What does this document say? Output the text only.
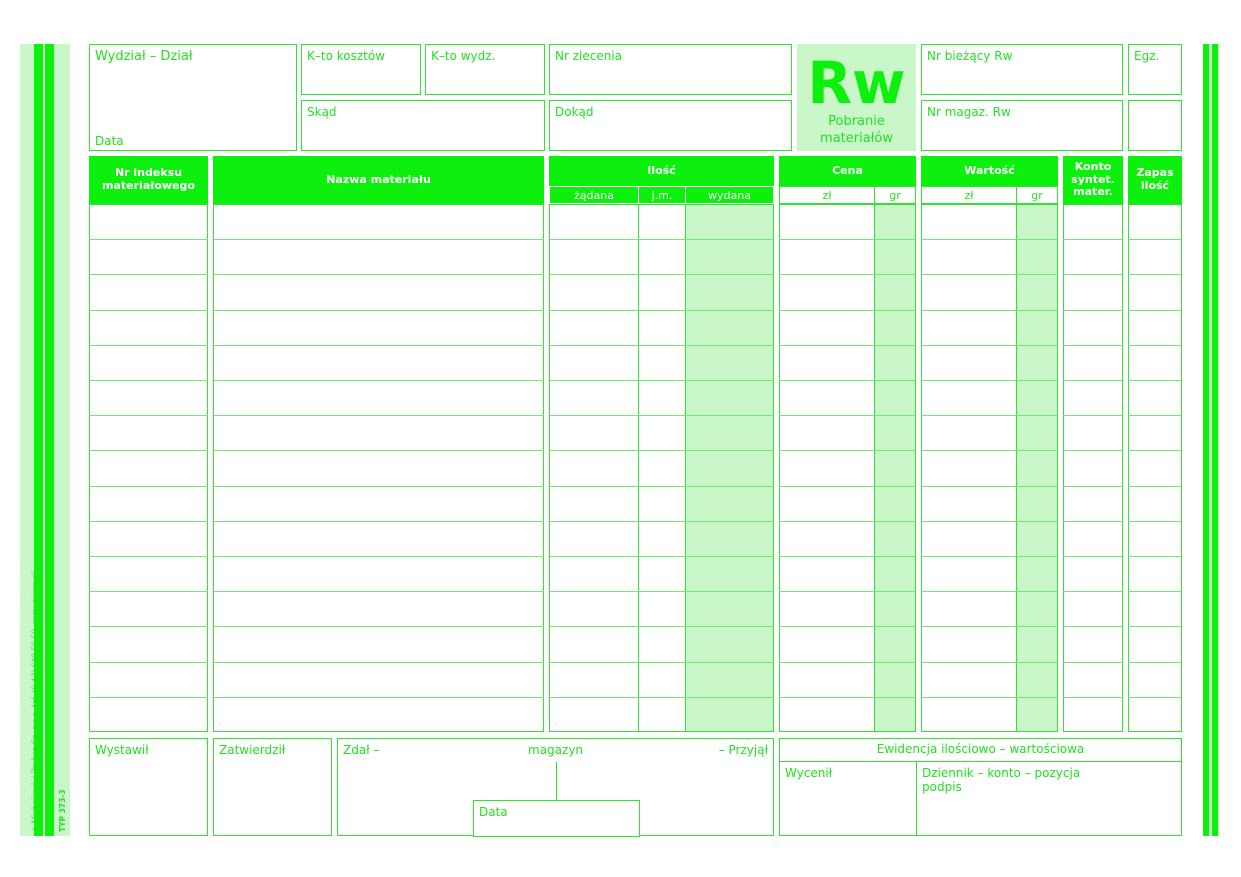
◇ Michalczyk i Prokop Sp. z o.o. tel. (0-42) 640-50-59, www.mipro.pl	TYP 373-3
Wydział – Dział
Data
K–to kosztów	K–to wydz.
Skąd
Nr zlecenia
Dokąd	Rw
Pobranie
materiałów
Nr bieżący Rw	Egz.
Nr magaz. Rw
Nr indeksu
materiałowego	Nazwa materiału
Ilość
żądana	j.m.	wydana
Cena
zł	gr
Wartość
zł	gr
Konto
syntet.
mater.
Zapas
ilość
Wystawił	Zatwierdził	Zdał –	magazyn	– Przyjął
Data
Ewidencja ilościowo – wartościowa
Wycenił	Dziennik – konto – pozycja
podpis
